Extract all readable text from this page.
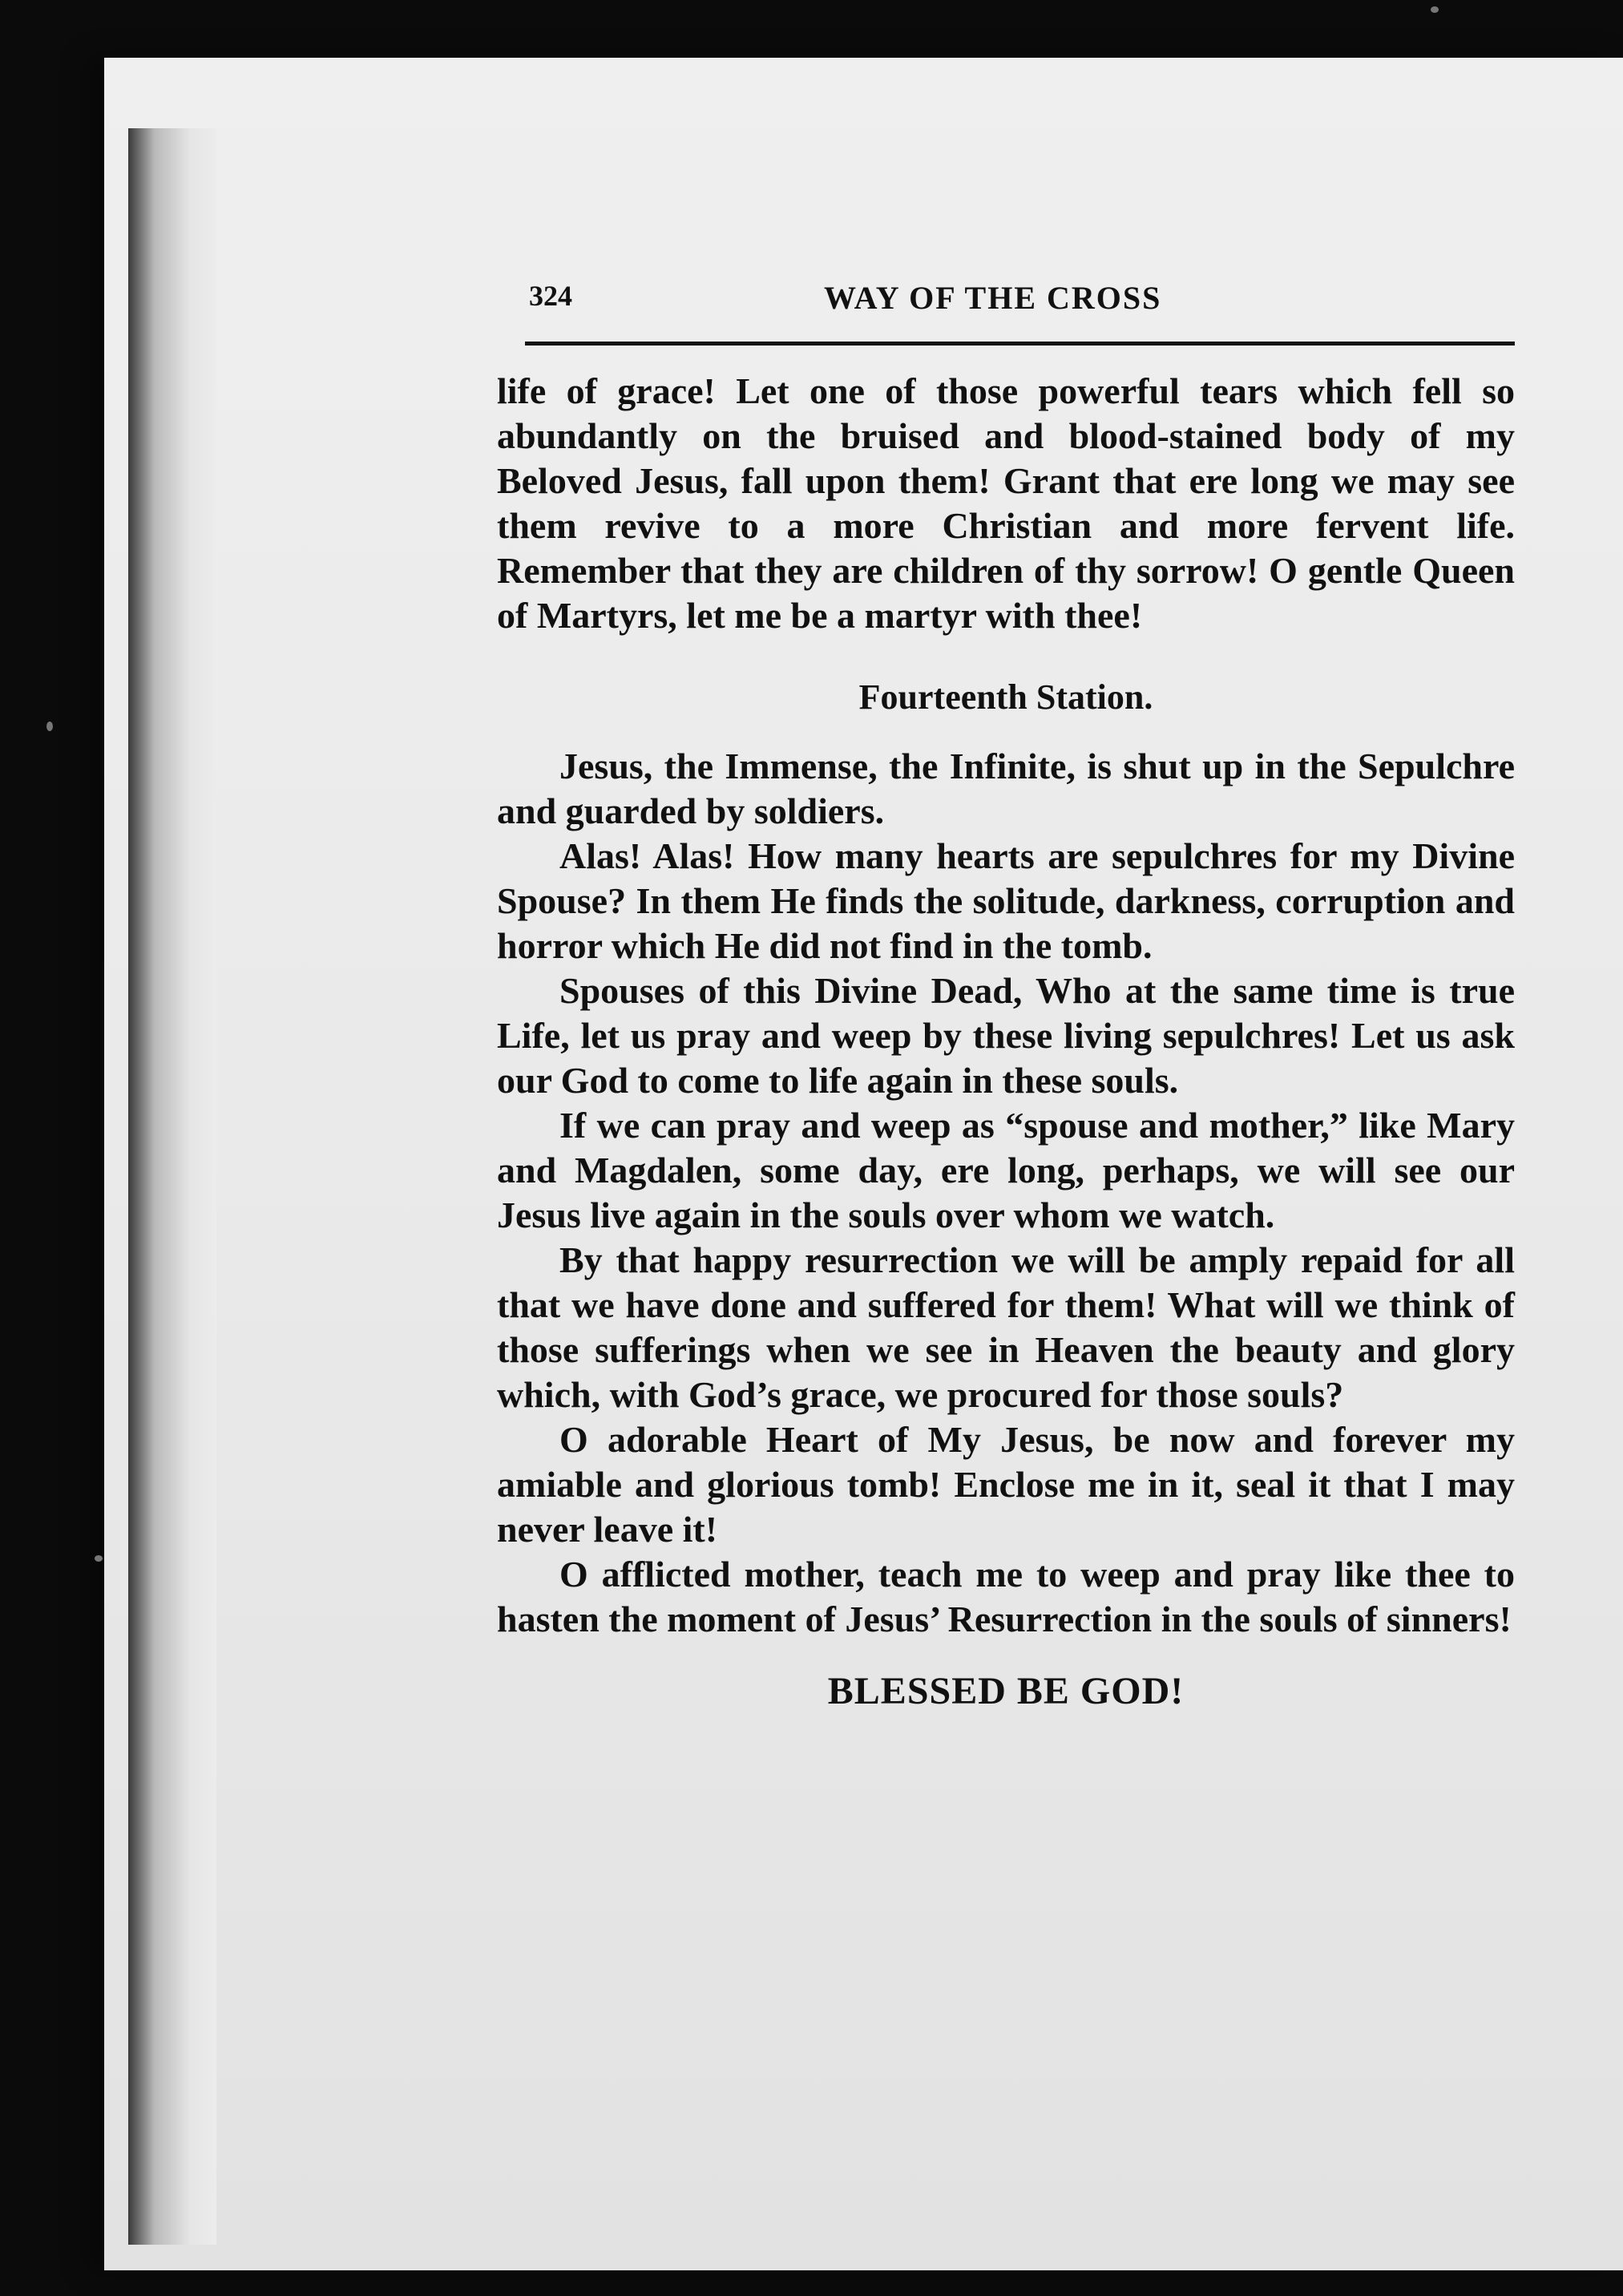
324	WAY OF THE CROSS

life of grace! Let one of those powerful tears which fell so abundantly on the bruised and blood-stained body of my Beloved Jesus, fall upon them! Grant that ere long we may see them revive to a more Christian and more fervent life. Remember that they are children of thy sorrow! O gentle Queen of Martyrs, let me be a martyr with thee!

Fourteenth Station.

Jesus, the Immense, the Infinite, is shut up in the Sepulchre and guarded by soldiers.

Alas! Alas! How many hearts are sepulchres for my Divine Spouse? In them He finds the solitude, darkness, corruption and horror which He did not find in the tomb.

Spouses of this Divine Dead, Who at the same time is true Life, let us pray and weep by these living sepulchres! Let us ask our God to come to life again in these souls.

If we can pray and weep as “spouse and mother,” like Mary and Magdalen, some day, ere long, perhaps, we will see our Jesus live again in the souls over whom we watch.

By that happy resurrection we will be amply repaid for all that we have done and suffered for them! What will we think of those sufferings when we see in Heaven the beauty and glory which, with God’s grace, we procured for those souls?

O adorable Heart of My Jesus, be now and forever my amiable and glorious tomb! Enclose me in it, seal it that I may never leave it!

O afflicted mother, teach me to weep and pray like thee to hasten the moment of Jesus’ Resurrection in the souls of sinners!

BLESSED BE GOD!
